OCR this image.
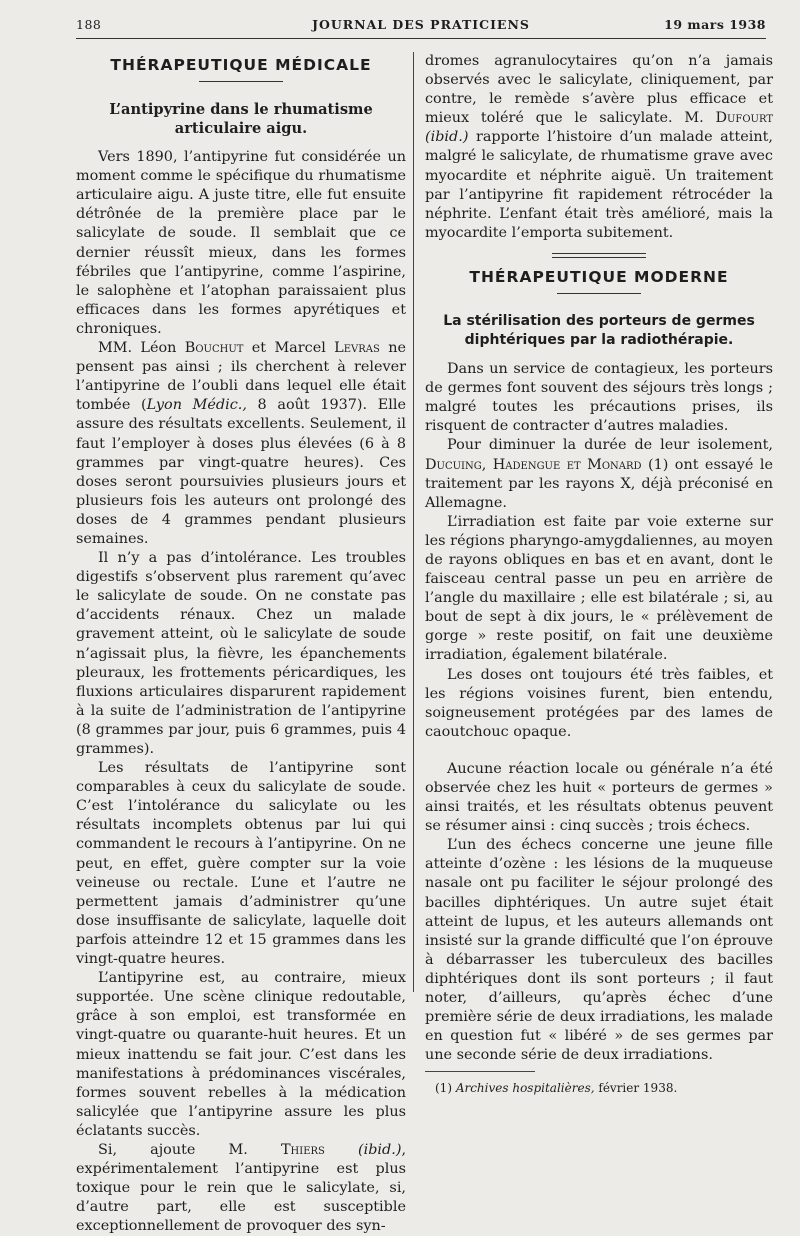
188	JOURNAL DES PRATICIENS	19 mars 1938
THÉRAPEUTIQUE MÉDICALE
L’antipyrine dans le rhumatisme articulaire aigu.

Vers 1890, l’antipyrine fut considérée un moment comme le spécifique du rhumatisme articulaire aigu. A juste titre, elle fut ensuite détrônée de la première place par le salicylate de soude. Il semblait que ce dernier réussît mieux, dans les formes fébriles que l’antipyrine, comme l’aspirine, le salophène et l’atophan paraissaient plus efficaces dans les formes apyrétiques et chroniques.

MM. Léon Bouchut et Marcel Levras ne pensent pas ainsi ; ils cherchent à relever l’antipyrine de l’oubli dans lequel elle était tombée (Lyon Médic., 8 août 1937). Elle assure des résultats excellents. Seulement, il faut l’employer à doses plus élevées (6 à 8 grammes par vingt-quatre heures). Ces doses seront poursuivies plusieurs jours et plusieurs fois les auteurs ont prolongé des doses de 4 grammes pendant plusieurs semaines.

Il n’y a pas d’intolérance. Les troubles digestifs s’observent plus rarement qu’avec le salicylate de soude. On ne constate pas d’accidents rénaux. Chez un malade gravement atteint, où le salicylate de soude n’agissait plus, la fièvre, les épanchements pleuraux, les frottements péricardiques, les fluxions articulaires disparurent rapidement à la suite de l’administration de l’antipyrine (8 grammes par jour, puis 6 grammes, puis 4 grammes).

Les résultats de l’antipyrine sont comparables à ceux du salicylate de soude. C’est l’intolérance du salicylate ou les résultats incomplets obtenus par lui qui commandent le recours à l’antipyrine. On ne peut, en effet, guère compter sur la voie veineuse ou rectale. L’une et l’autre ne permettent jamais d’administrer qu’une dose insuffisante de salicylate, laquelle doit parfois atteindre 12 et 15 grammes dans les vingt-quatre heures.

L’antipyrine est, au contraire, mieux supportée. Une scène clinique redoutable, grâce à son emploi, est transformée en vingt-quatre ou quarante-huit heures. Et un mieux inattendu se fait jour. C’est dans les manifestations à prédominances viscérales, formes souvent rebelles à la médication salicylée que l’antipyrine assure les plus éclatants succès.

Si, ajoute M. Thiers (ibid.), expérimentalement l’antipyrine est plus toxique pour le rein que le salicylate, si, d’autre part, elle est susceptible exceptionnellement de provoquer des syn-

dromes agranulocytaires qu’on n’a jamais observés avec le salicylate, cliniquement, par contre, le remède s’avère plus efficace et mieux toléré que le salicylate. M. Dufourt (ibid.) rapporte l’histoire d’un malade atteint, malgré le salicylate, de rhumatisme grave avec myocardite et néphrite aiguë. Un traitement par l’antipyrine fit rapidement rétrocéder la néphrite. L’enfant était très amélioré, mais la myocardite l’emporta subitement.

THÉRAPEUTIQUE MODERNE
La stérilisation des porteurs de germes diphtériques par la radiothérapie.

Dans un service de contagieux, les porteurs de germes font souvent des séjours très longs ; malgré toutes les précautions prises, ils risquent de contracter d’autres maladies.

Pour diminuer la durée de leur isolement, Ducuing, Hadengue et Monard (1) ont essayé le traitement par les rayons X, déjà préconisé en Allemagne.

L’irradiation est faite par voie externe sur les régions pharyngo-amygdaliennes, au moyen de rayons obliques en bas et en avant, dont le faisceau central passe un peu en arrière de l’angle du maxillaire ; elle est bilatérale ; si, au bout de sept à dix jours, le « prélèvement de gorge » reste positif, on fait une deuxième irradiation, également bilatérale.

Les doses ont toujours été très faibles, et les régions voisines furent, bien entendu, soigneusement protégées par des lames de caoutchouc opaque.

Aucune réaction locale ou générale n’a été observée chez les huit « porteurs de germes » ainsi traités, et les résultats obtenus peuvent se résumer ainsi : cinq succès ; trois échecs.

L’un des échecs concerne une jeune fille atteinte d’ozène : les lésions de la muqueuse nasale ont pu faciliter le séjour prolongé des bacilles diphtériques. Un autre sujet était atteint de lupus, et les auteurs allemands ont insisté sur la grande difficulté que l’on éprouve à débarrasser les tuberculeux des bacilles diphtériques dont ils sont porteurs ; il faut noter, d’ailleurs, qu’après échec d’une première série de deux irradiations, les malade en question fut « libéré » de ses germes par une seconde série de deux irradiations.

(1) Archives hospitalières, février 1938.
